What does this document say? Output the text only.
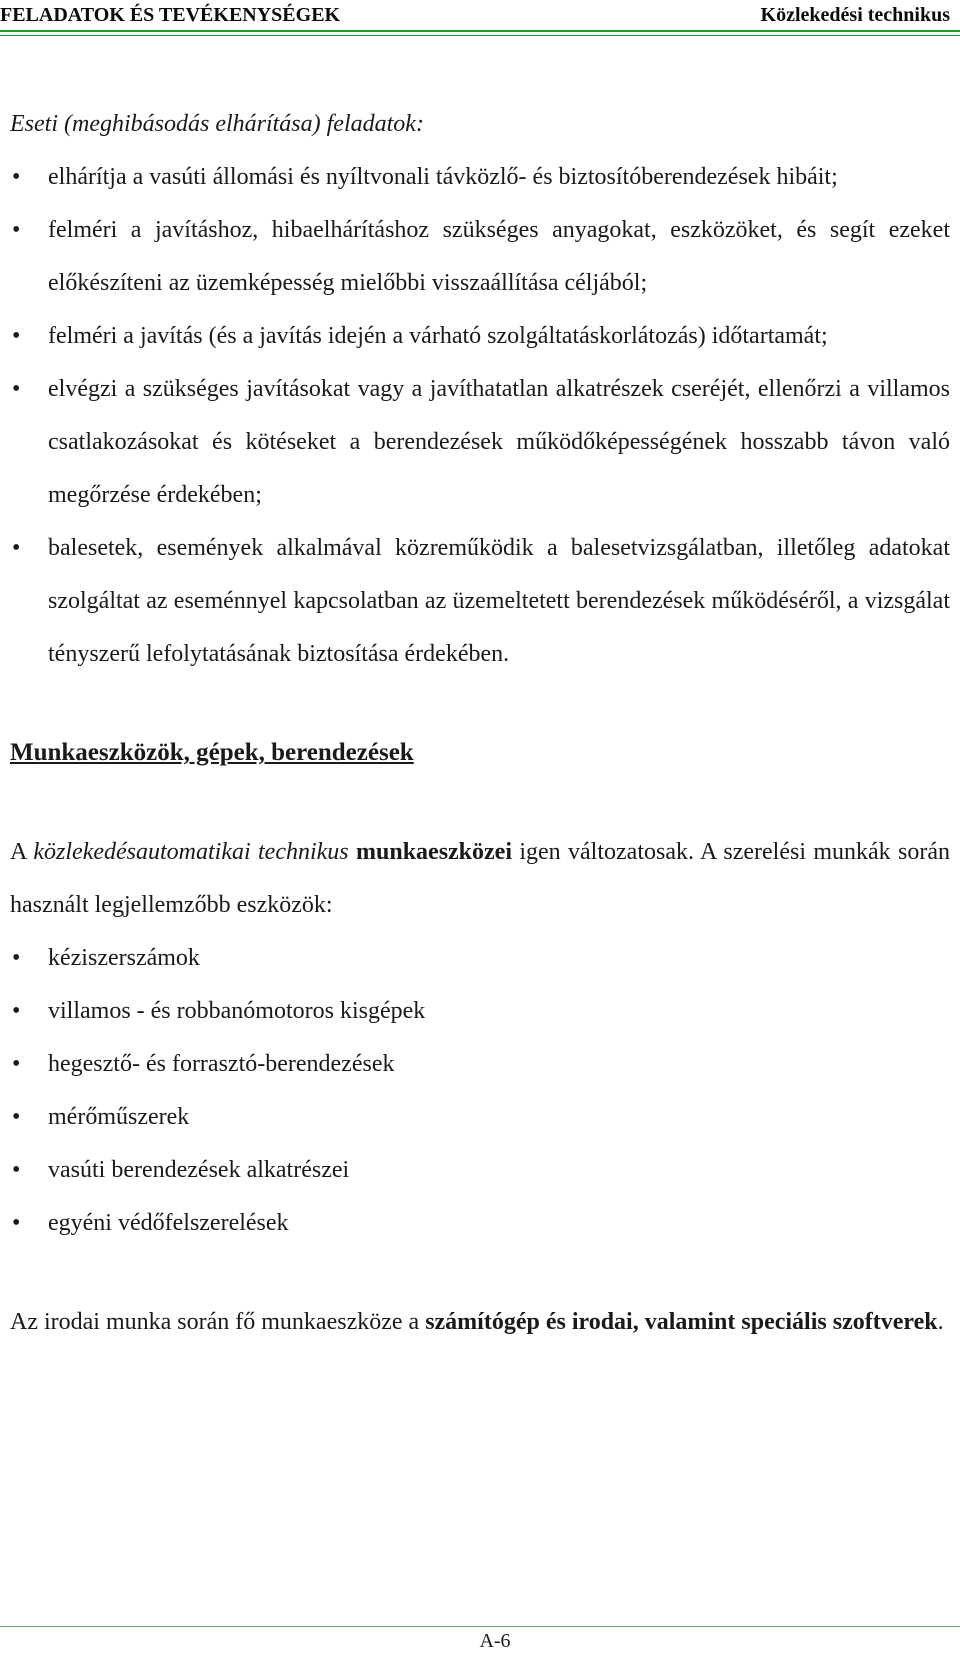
FELADATOK ÉS TEVÉKENYSÉGEK	Közlekedési technikus

Eseti (meghibásodás elhárítása) feladatok:

• elhárítja a vasúti állomási és nyíltvonali távközlő- és biztosítóberendezések hibáit;
• felméri a javításhoz, hibaelhárításhoz szükséges anyagokat, eszközöket, és segít ezeket előkészíteni az üzemképesség mielőbbi visszaállítása céljából;
• felméri a javítás (és a javítás idején a várható szolgáltatáskorlátozás) időtartamát;
• elvégzi a szükséges javításokat vagy a javíthatatlan alkatrészek cseréjét, ellenőrzi a villamos csatlakozásokat és kötéseket a berendezések működőképességének hosszabb távon való megőrzése érdekében;
• balesetek, események alkalmával közreműködik a balesetvizsgálatban, illetőleg adatokat szolgáltat az eseménnyel kapcsolatban az üzemeltetett berendezések működéséről, a vizsgálat tényszerű lefolytatásának biztosítása érdekében.

Munkaeszközök, gépek, berendezések

A közlekedésautomatikai technikus munkaeszközei igen változatosak. A szerelési munkák során használt legjellemzőbb eszközök:

• kéziszerszámok
• villamos - és robbanómotoros kisgépek
• hegesztő- és forrasztó-berendezések
• mérőműszerek
• vasúti berendezések alkatrészei
• egyéni védőfelszerelések

Az irodai munka során fő munkaeszköze a számítógép és irodai, valamint speciális szoftverek.

A-6
